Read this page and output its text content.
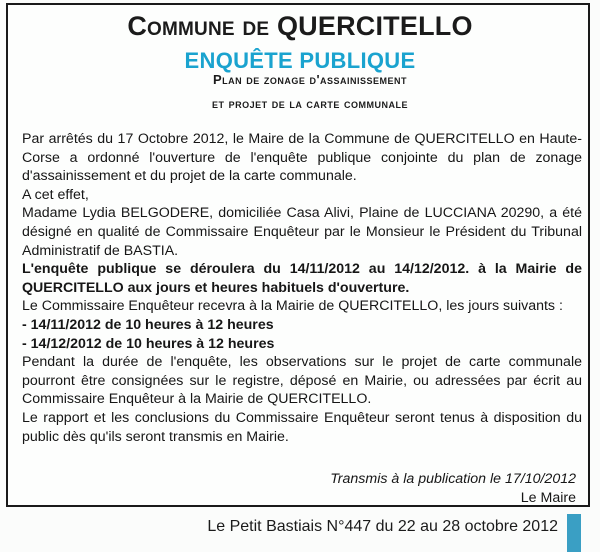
Commune de QUERCITELLO
ENQUÊTE PUBLIQUE
Plan de zonage d'assainissement
et projet de la carte communale

Par arrêtés du 17 Octobre 2012, le Maire de la Commune de QUERCITELLO en Haute-Corse a ordonné l'ouverture de l'enquête publique conjointe du plan de zonage d'assainissement et du projet de la carte communale.

A cet effet,

Madame Lydia BELGODERE, domiciliée Casa Alivi, Plaine de LUCCIANA 20290, a été désigné en qualité de Commissaire Enquêteur par le Monsieur le Président du Tribunal Administratif de BASTIA.

L'enquête publique se déroulera du 14/11/2012 au 14/12/2012. à la Mairie de QUERCITELLO aux jours et heures habituels d'ouverture.

Le Commissaire Enquêteur recevra à la Mairie de QUERCITELLO, les jours suivants :

- 14/11/2012 de 10 heures à 12 heures

- 14/12/2012 de 10 heures à 12 heures

Pendant la durée de l'enquête, les observations sur le projet de carte communale pourront être consignées sur le registre, déposé en Mairie, ou adressées par écrit au Commissaire Enquêteur à la Mairie de QUERCITELLO.

Le rapport et les conclusions du Commissaire Enquêteur seront tenus à disposition du public dès qu'ils seront transmis en Mairie.

Transmis à la publication le 17/10/2012
Le Maire
Le Petit Bastiais N°447 du 22 au 28 octobre 2012
